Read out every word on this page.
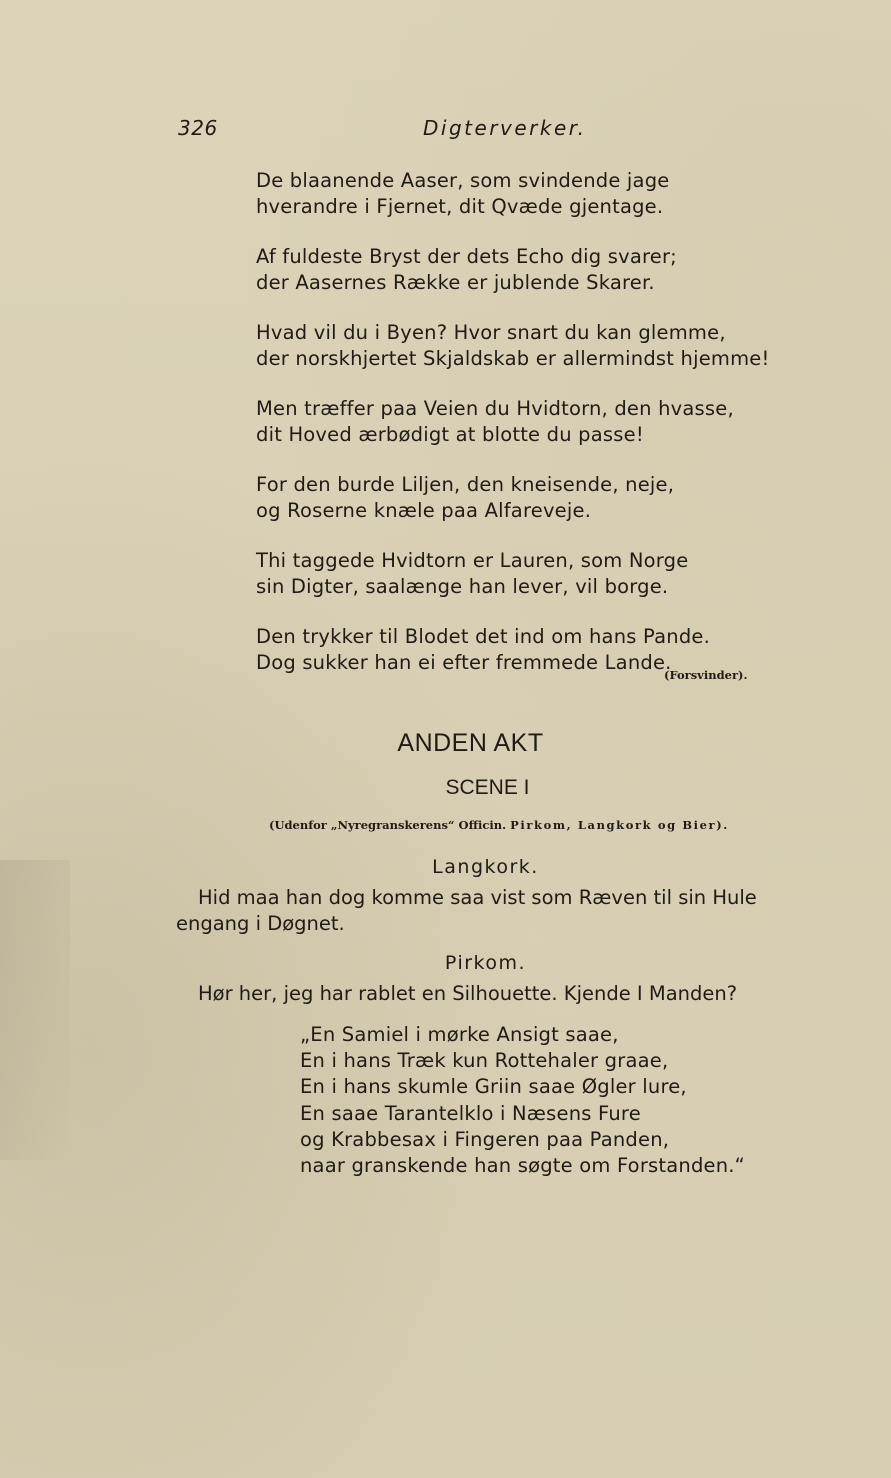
326	Digterverker.
De blaanende Aaser, som svindende jage
hverandre i Fjernet, dit Qvæde gjentage.
Af fuldeste Bryst der dets Echo dig svarer;
der Aasernes Række er jublende Skarer.
Hvad vil du i Byen? Hvor snart du kan glemme,
der norskhjertet Skjaldskab er allermindst hjemme!
Men træffer paa Veien du Hvidtorn, den hvasse,
dit Hoved ærbødigt at blotte du passe!
For den burde Liljen, den kneisende, neje,
og Roserne knæle paa Alfareveje.
Thi taggede Hvidtorn er Lauren, som Norge
sin Digter, saalænge han lever, vil borge.
Den trykker til Blodet det ind om hans Pande.
Dog sukker han ei efter fremmede Lande.
(Forsvinder).
ANDEN AKT
SCENE I
(Udenfor „Nyregranskerens“ Officin. Pirkom, Langkork og Bier).
Langkork.
Hid maa han dog komme saa vist som Ræven til sin Hule engang i Døgnet.
Pirkom.
Hør her, jeg har rablet en Silhouette. Kjende I Manden?
„En Samiel i mørke Ansigt saae,
En i hans Træk kun Rottehaler graae,
En i hans skumle Griin saae Øgler lure,
En saae Tarantelklo i Næsens Fure
og Krabbesax i Fingeren paa Panden,
naar granskende han søgte om Forstanden.“
